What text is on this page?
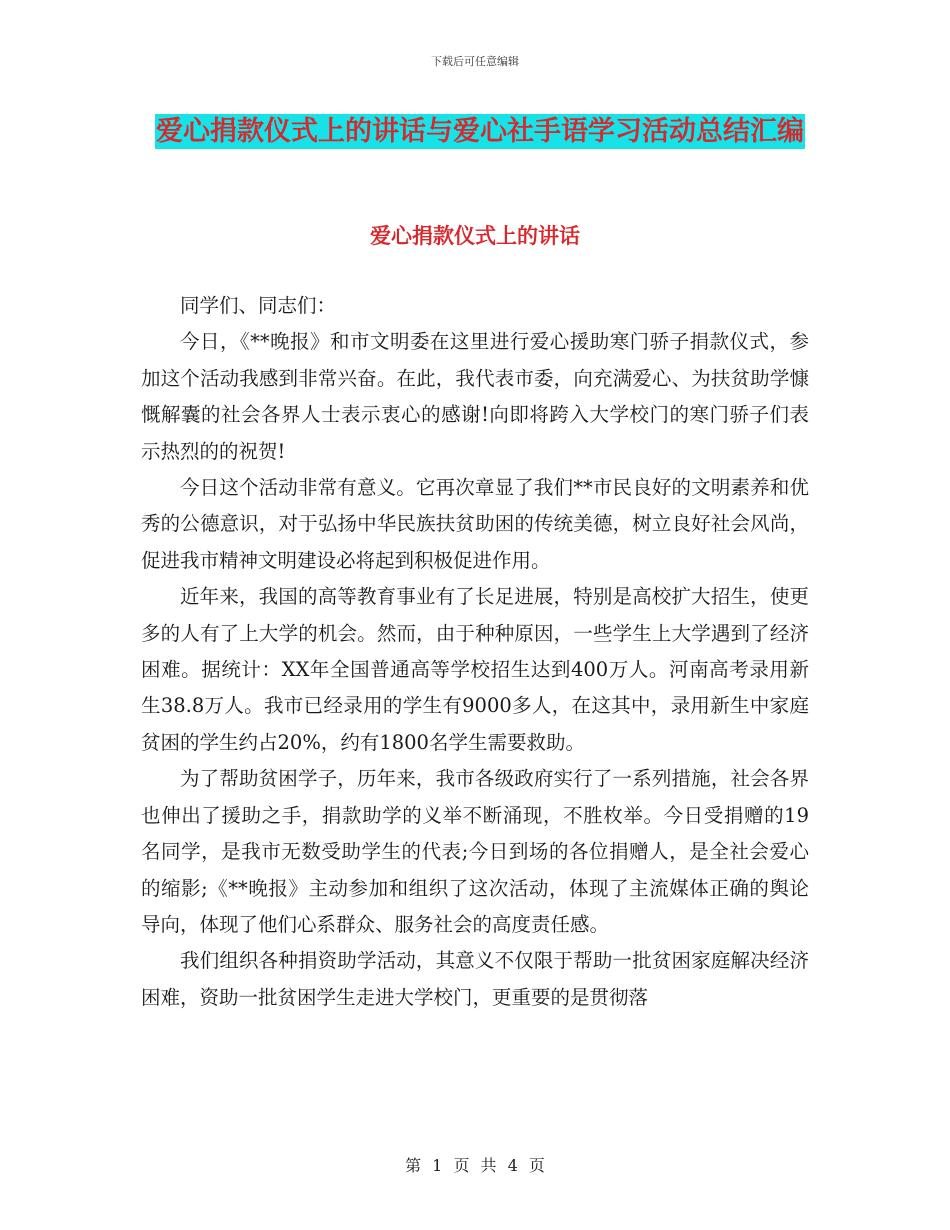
下载后可任意编辑
爱心捐款仪式上的讲话与爱心社手语学习活动总结汇编
爱心捐款仪式上的讲话

同学们、同志们：

今日，《**晚报》和市文明委在这里进行爱心援助寒门骄子捐款仪式，参加这个活动我感到非常兴奋。在此，我代表市委，向充满爱心、为扶贫助学慷慨解囊的社会各界人士表示衷心的感谢!向即将跨入大学校门的寒门骄子们表示热烈的的祝贺!

今日这个活动非常有意义。它再次章显了我们**市民良好的文明素养和优秀的公德意识，对于弘扬中华民族扶贫助困的传统美德，树立良好社会风尚，促进我市精神文明建设必将起到积极促进作用。

近年来，我国的高等教育事业有了长足进展，特别是高校扩大招生，使更多的人有了上大学的机会。然而，由于种种原因，一些学生上大学遇到了经济困难。据统计：XX年全国普通高等学校招生达到400万人。河南高考录用新生38.8万人。我市已经录用的学生有9000多人，在这其中，录用新生中家庭贫困的学生约占20%，约有1800名学生需要救助。

为了帮助贫困学子，历年来，我市各级政府实行了一系列措施，社会各界也伸出了援助之手，捐款助学的义举不断涌现，不胜枚举。今日受捐赠的19名同学，是我市无数受助学生的代表;今日到场的各位捐赠人，是全社会爱心的缩影;《**晚报》主动参加和组织了这次活动，体现了主流媒体正确的舆论导向，体现了他们心系群众、服务社会的高度责任感。

我们组织各种捐资助学活动，其意义不仅限于帮助一批贫困家庭解决经济困难，资助一批贫困学生走进大学校门，更重要的是贯彻落

第 1 页 共 4 页
